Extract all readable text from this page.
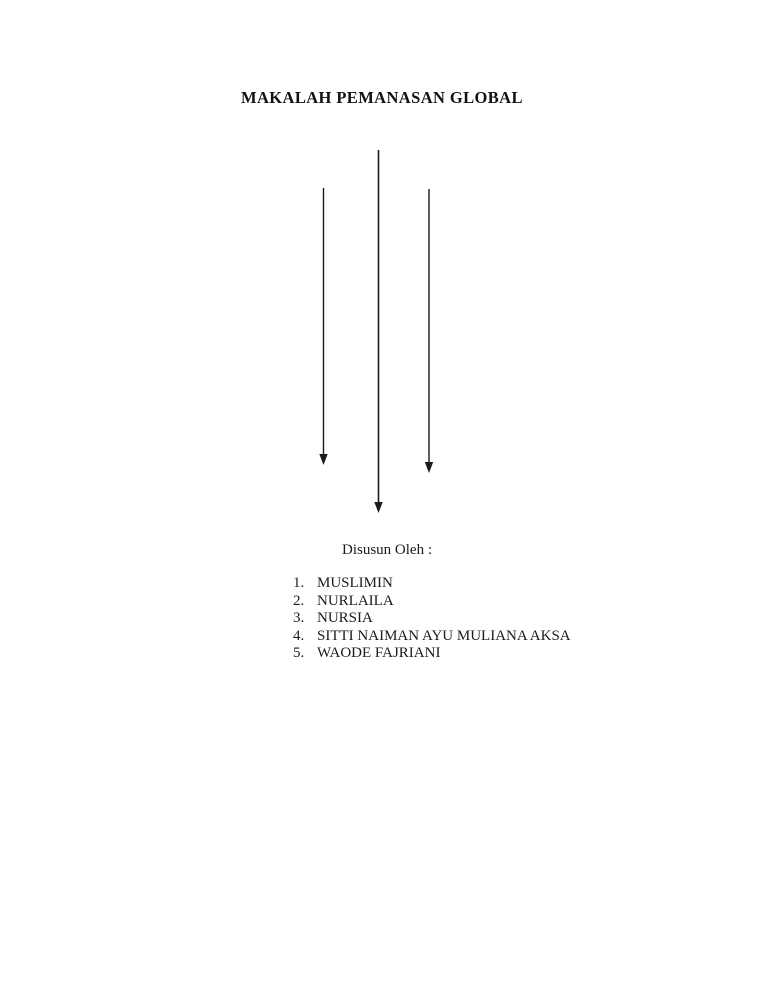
MAKALAH PEMANASAN GLOBAL
Disusun Oleh :
1. MUSLIMIN
2. NURLAILA
3. NURSIA
4. SITTI NAIMAN AYU MULIANA AKSA
5. WAODE FAJRIANI
